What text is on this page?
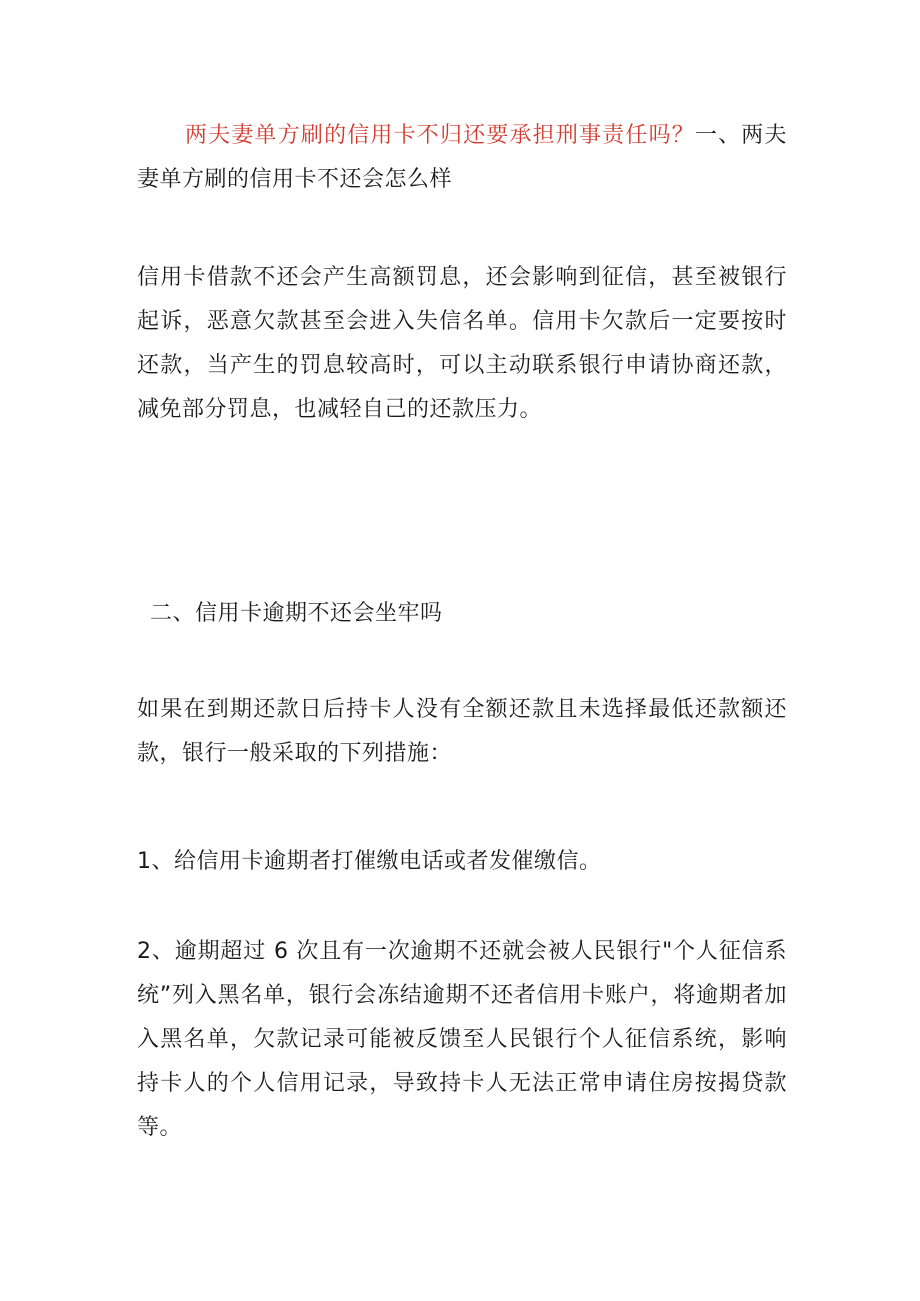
两夫妻单方刷的信用卡不归还要承担刑事责任吗？一、两夫妻单方刷的信用卡不还会怎么样
信用卡借款不还会产生高额罚息，还会影响到征信，甚至被银行起诉，恶意欠款甚至会进入失信名单。信用卡欠款后一定要按时还款，当产生的罚息较高时，可以主动联系银行申请协商还款，减免部分罚息，也减轻自己的还款压力。
二、信用卡逾期不还会坐牢吗
如果在到期还款日后持卡人没有全额还款且未选择最低还款额还款，银行一般采取的下列措施：
1、给信用卡逾期者打催缴电话或者发催缴信。
2、逾期超过 6 次且有一次逾期不还就会被人民银行"个人征信系统”列入黑名单，银行会冻结逾期不还者信用卡账户，将逾期者加入黑名单，欠款记录可能被反馈至人民银行个人征信系统，影响持卡人的个人信用记录，导致持卡人无法正常申请住房按揭贷款等。
